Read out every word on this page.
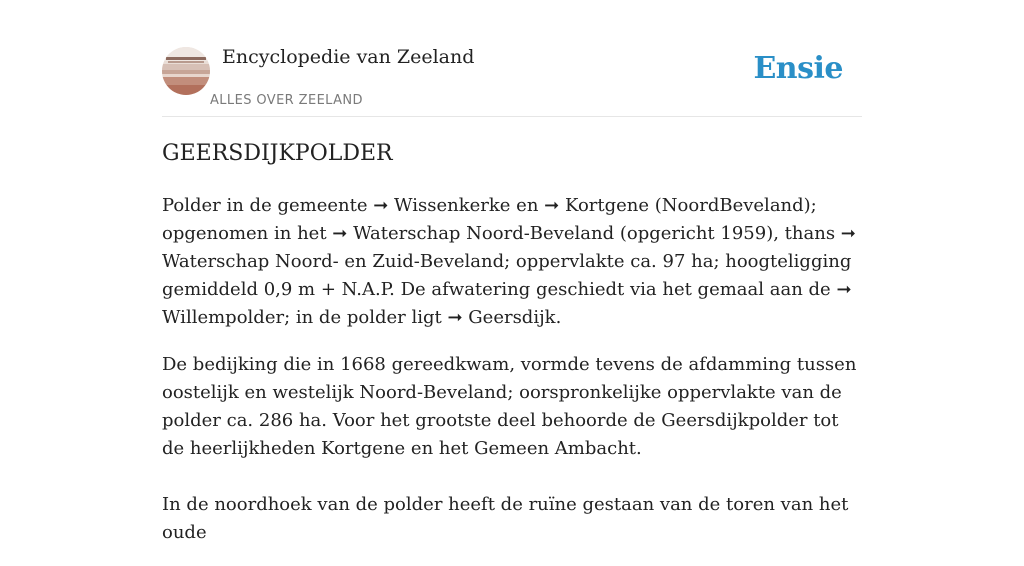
Encyclopedie van Zeeland
ALLES OVER ZEELAND
Ensie
GEERSDIJKPOLDER

Polder in de gemeente ➞ Wissenkerke en ➞ Kortgene (NoordBeveland); opgenomen in het ➞ Waterschap Noord-Beveland (opgericht 1959), thans ➞ Waterschap Noord- en Zuid-Beveland; oppervlakte ca. 97 ha; hoogteligging gemiddeld 0,9 m + N.A.P. De afwatering geschiedt via het gemaal aan de ➞ Willempolder; in de polder ligt ➞ Geersdijk.

De bedijking die in 1668 gereedkwam, vormde tevens de afdamming tussen oostelijk en westelijk Noord-Beveland; oorspronkelijke oppervlakte van de polder ca. 286 ha. Voor het grootste deel behoorde de Geersdijkpolder tot de heerlijkheden Kortgene en het Gemeen Ambacht.

In de noordhoek van de polder heeft de ruïne gestaan van de toren van het oude
